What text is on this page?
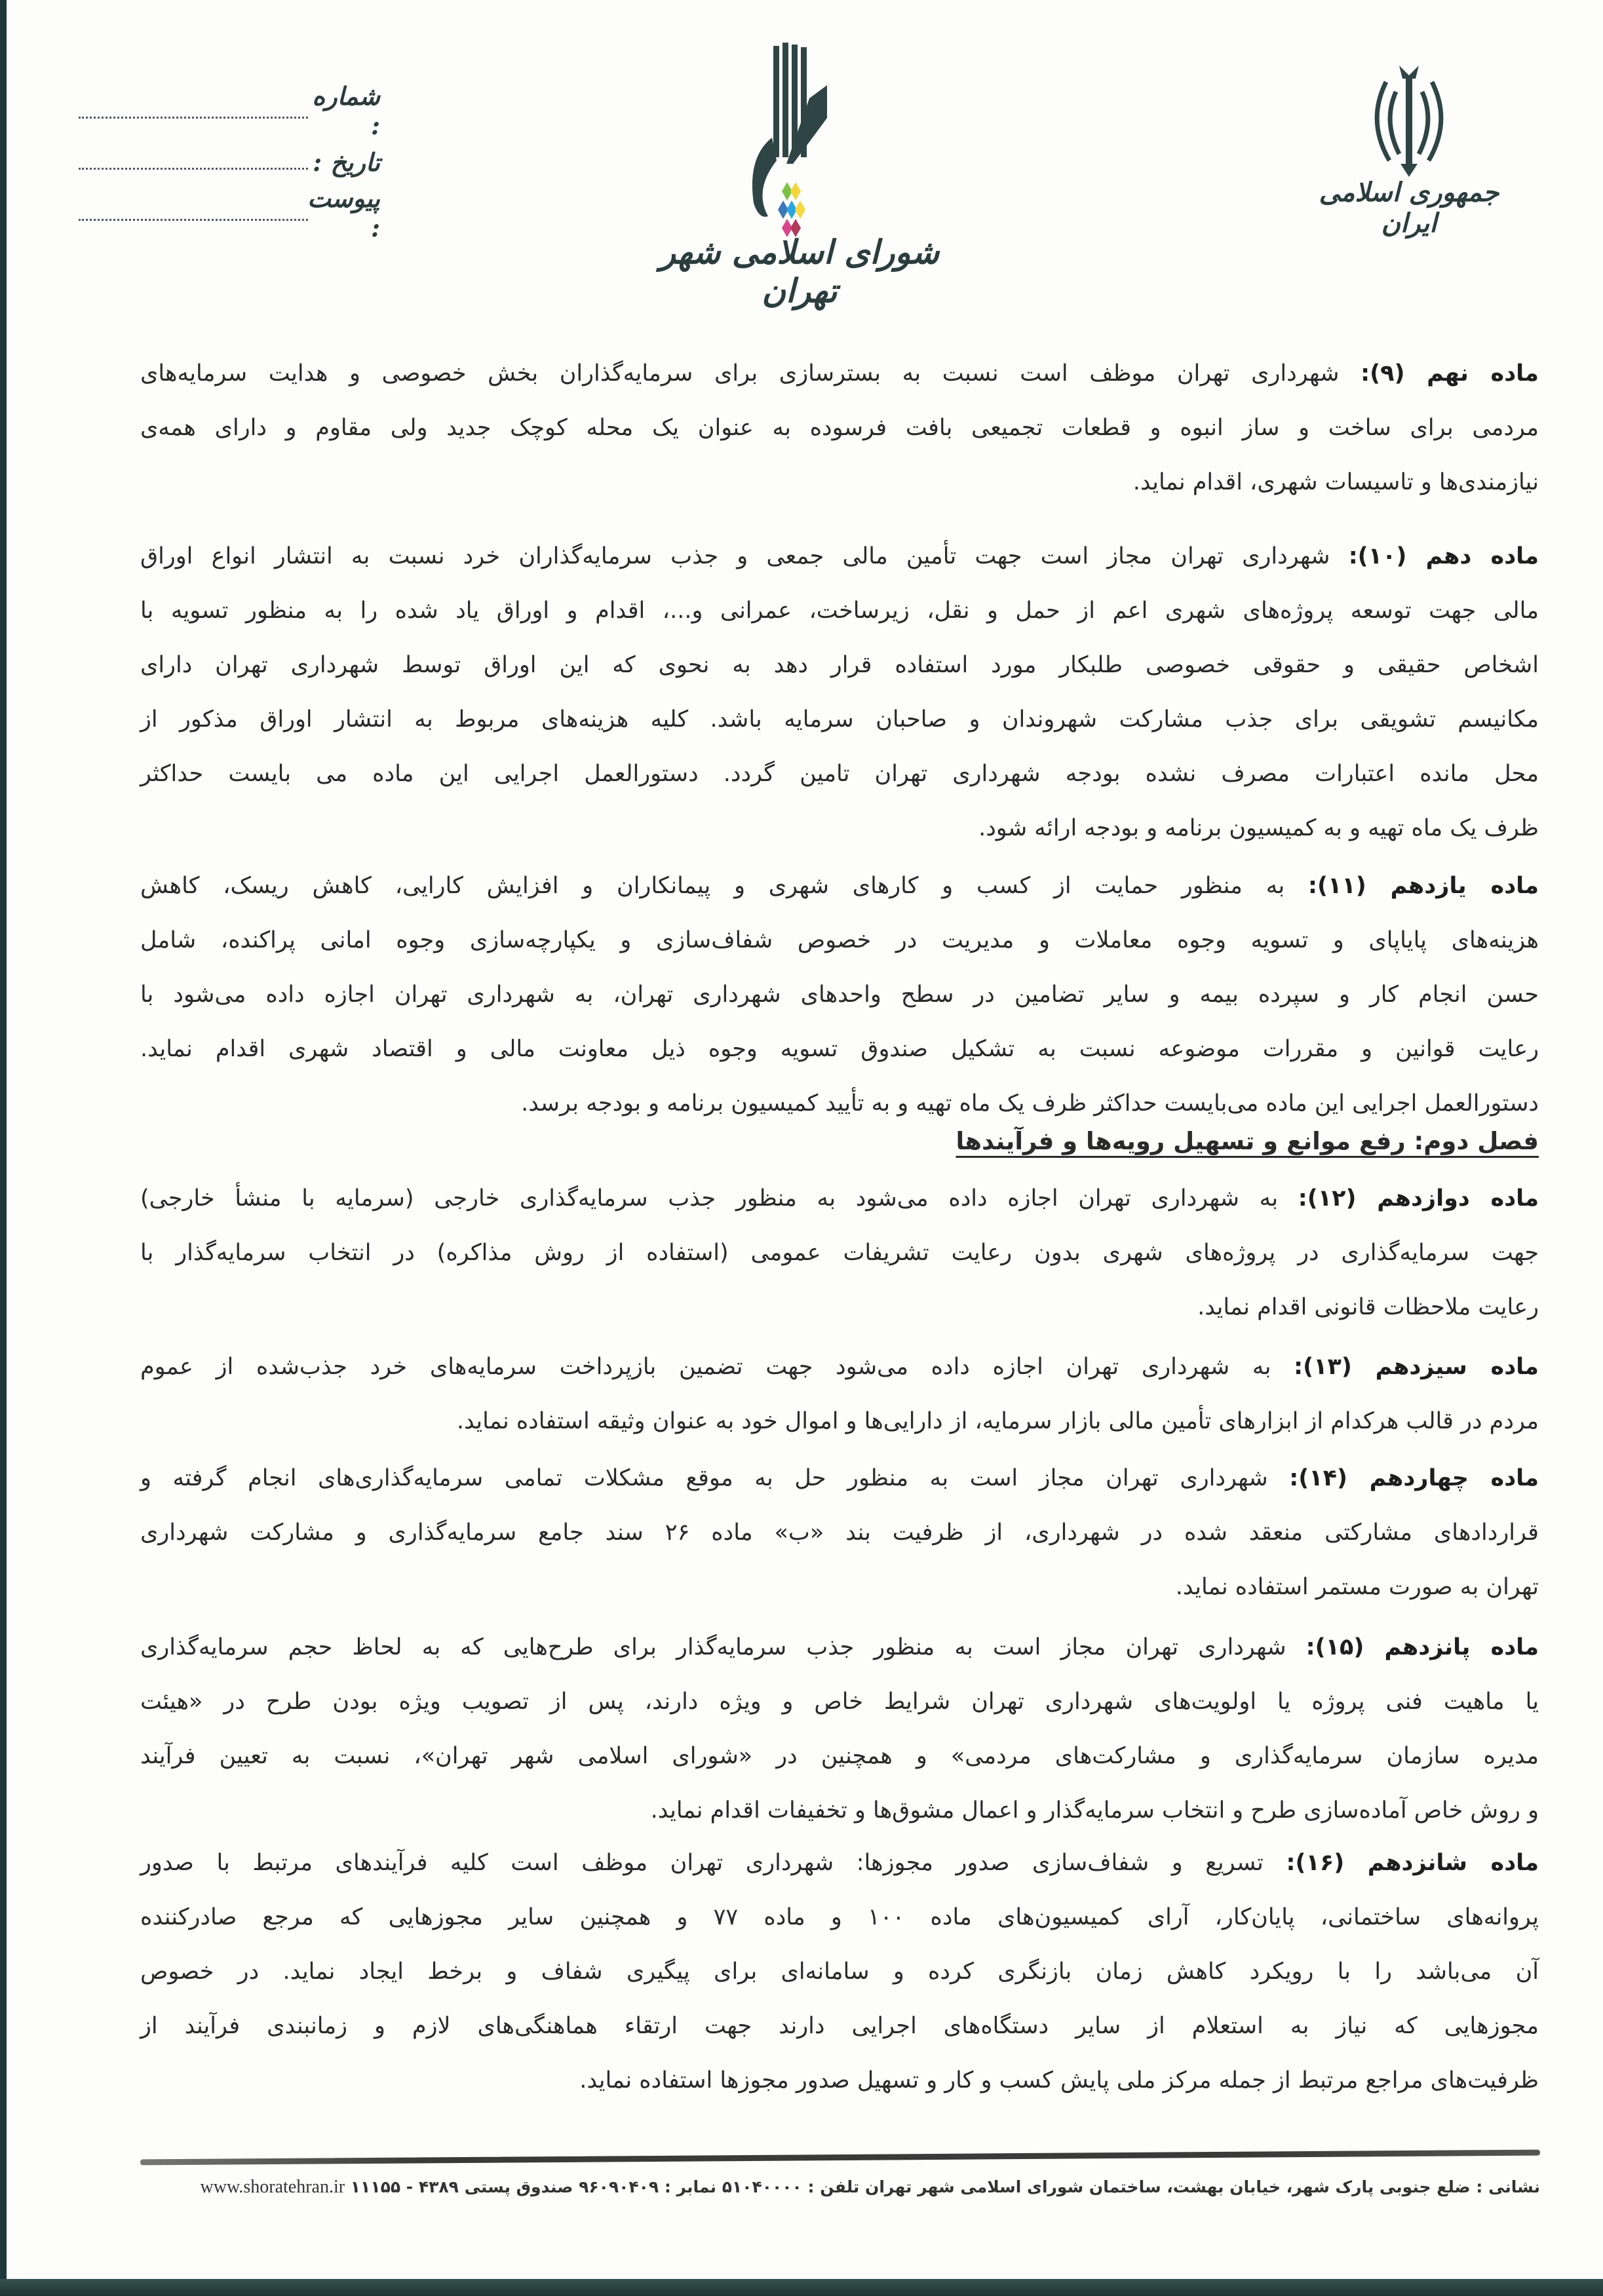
شماره :
تاریخ :
پیوست :
شورای اسلامی شهر تهران
جمهوری اسلامی ایران
ماده نهم (۹): شهرداری تهران موظف است نسبت به بسترسازی برای سرمایه‌گذاران بخش خصوصی و هدایت سرمایه‌های
مردمی برای ساخت و ساز انبوه و قطعات تجمیعی بافت فرسوده به عنوان یک محله کوچک جدید ولی مقاوم و دارای همه‌ی
نیازمندی‌ها و تاسیسات شهری، اقدام نماید.
ماده دهم (۱۰): شهرداری تهران مجاز است جهت تأمین مالی جمعی و جذب سرمایه‌گذاران خرد نسبت به انتشار انواع اوراق
مالی جهت توسعه پروژه‌های شهری اعم از حمل و نقل، زیرساخت، عمرانی و...، اقدام و اوراق یاد شده را به منظور تسویه با
اشخاص حقیقی و حقوقی خصوصی طلبکار مورد استفاده قرار دهد به نحوی که این اوراق توسط شهرداری تهران دارای
مکانیسم تشویقی برای جذب مشارکت شهروندان و صاحبان سرمایه باشد. کلیه هزینه‌های مربوط به انتشار اوراق مذکور از
محل مانده اعتبارات مصرف نشده بودجه شهرداری تهران تامین گردد. دستورالعمل اجرایی این ماده می بایست حداکثر
ظرف یک ماه تهیه و به کمیسیون برنامه و بودجه ارائه شود.
ماده یازدهم (۱۱): به منظور حمایت از کسب و کارهای شهری و پیمانکاران و افزایش کارایی، کاهش ریسک، کاهش
هزینه‌های پایاپای و تسویه وجوه معاملات و مدیریت در خصوص شفاف‌سازی و یکپارچه‌سازی وجوه امانی پراکنده، شامل
حسن انجام کار و سپرده بیمه و سایر تضامین در سطح واحدهای شهرداری تهران، به شهرداری تهران اجازه داده می‌شود با
رعایت قوانین و مقررات موضوعه نسبت به تشکیل صندوق تسویه وجوه ذیل معاونت مالی و اقتصاد شهری اقدام نماید.
دستورالعمل اجرایی این ماده می‌بایست حداکثر ظرف یک ماه تهیه و به تأیید کمیسیون برنامه و بودجه برسد.
ماده دوازدهم (۱۲): به شهرداری تهران اجازه داده می‌شود به منظور جذب سرمایه‌گذاری خارجی (سرمایه با منشأ خارجی)
جهت سرمایه‌گذاری در پروژه‌های شهری بدون رعایت تشریفات عمومی (استفاده از روش مذاکره) در انتخاب سرمایه‌گذار با
رعایت ملاحظات قانونی اقدام نماید.
ماده سیزدهم (۱۳): به شهرداری تهران اجازه داده می‌شود جهت تضمین بازپرداخت سرمایه‌های خرد جذب‌شده از عموم
مردم در قالب هرکدام از ابزارهای تأمین مالی بازار سرمایه، از دارایی‌ها و اموال خود به عنوان وثیقه استفاده نماید.
ماده چهاردهم (۱۴): شهرداری تهران مجاز است به منظور حل به موقع مشکلات تمامی سرمایه‌گذاری‌های انجام گرفته و
قراردادهای مشارکتی منعقد شده در شهرداری، از ظرفیت بند «ب» ماده ۲۶ سند جامع سرمایه‌گذاری و مشارکت شهرداری
تهران به صورت مستمر استفاده نماید.
ماده پانزدهم (۱۵): شهرداری تهران مجاز است به منظور جذب سرمایه‌گذار برای طرح‌هایی که به لحاظ حجم سرمایه‌گذاری
یا ماهیت فنی پروژه یا اولویت‌های شهرداری تهران شرایط خاص و ویژه دارند، پس از تصویب ویژه بودن طرح در «هیئت
مدیره سازمان سرمایه‌گذاری و مشارکت‌های مردمی» و همچنین در «شورای اسلامی شهر تهران»، نسبت به تعیین فرآیند
و روش خاص آماده‌سازی طرح و انتخاب سرمایه‌گذار و اعمال مشوق‌ها و تخفیفات اقدام نماید.
ماده شانزدهم (۱۶): تسریع و شفاف‌سازی صدور مجوزها: شهرداری تهران موظف است کلیه فرآیندهای مرتبط با صدور
پروانه‌های ساختمانی، پایان‌کار، آرای کمیسیون‌های ماده ۱۰۰ و ماده ۷۷ و همچنین سایر مجوزهایی که مرجع صادرکننده
آن می‌باشد را با رویکرد کاهش زمان بازنگری کرده و سامانه‌ای برای پیگیری شفاف و برخط ایجاد نماید. در خصوص
مجوزهایی که نیاز به استعلام از سایر دستگاه‌های اجرایی دارند جهت ارتقاء هماهنگی‌های لازم و زمانبندی فرآیند از
ظرفیت‌های مراجع مرتبط از جمله مرکز ملی پایش کسب و کار و تسهیل صدور مجوزها استفاده نماید.
فصل دوم: رفع موانع و تسهیل رویه‌ها و فرآیندها
نشانی : ضلع جنوبی پارک شهر، خیابان بهشت، ساختمان شورای اسلامی شهر تهران تلفن : ۵۱۰۴۰۰۰۰ نمابر : ۹۶۰۹۰۴۰۹ صندوق پستی ۴۳۸۹ - ۱۱۱۵۵ www.shoratehran.ir
